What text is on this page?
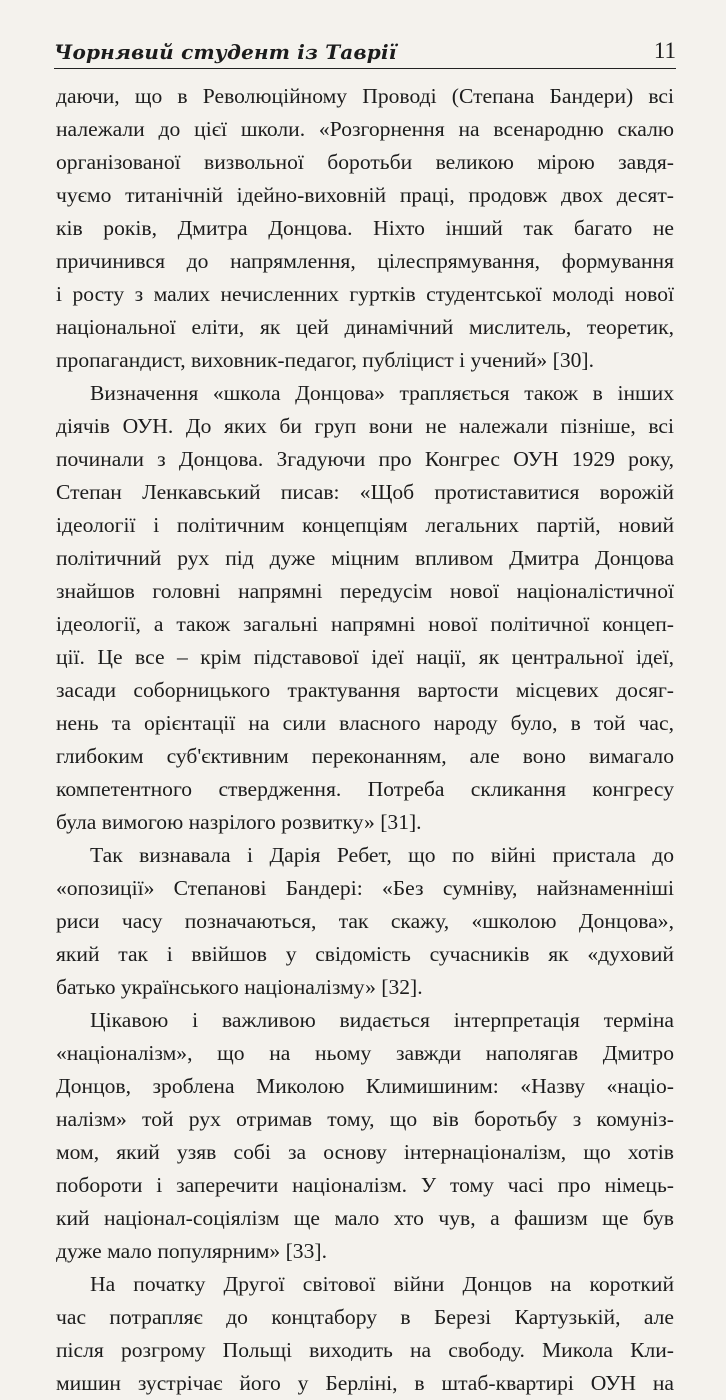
Чорнявий студент із Таврії	11
даючи, що в Революційному Проводі (Степана Бандери) всі
належали до цієї школи. «Розгорнення на всенародню скалю
організованої визвольної боротьби великою мірою завдя-
чуємо титанічній ідейно-виховній праці, продовж двох десят-
ків років, Дмитра Донцова. Ніхто інший так багато не
причинився до напрямлення, цілеспрямування, формування
і росту з малих нечисленних гуртків студентської молоді нової
національної еліти, як цей динамічний мислитель, теоретик,
пропагандист, виховник-педагог, публіцист і учений» [30].
Визначення «школа Донцова» трапляється також в інших
діячів ОУН. До яких би груп вони не належали пізніше, всі
починали з Донцова. Згадуючи про Конгрес ОУН 1929 року,
Степан Ленкавський писав: «Щоб протиставитися ворожій
ідеології і політичним концепціям легальних партій, новий
політичний рух під дуже міцним впливом Дмитра Донцова
знайшов головні напрямні передусім нової націоналістичної
ідеології, а також загальні напрямні нової політичної концеп-
ції. Це все – крім підставової ідеї нації, як центральної ідеї,
засади соборницького трактування вартости місцевих досяг-
нень та орієнтації на сили власного народу було, в той час,
глибоким суб'єктивним переконанням, але воно вимагало
компетентного ствердження. Потреба скликання конгресу
була вимогою назрілого розвитку» [31].
Так визнавала і Дарія Ребет, що по війні пристала до
«опозиції» Степанові Бандері: «Без сумніву, найзнаменніші
риси часу позначаються, так скажу, «школою Донцова»,
який так і ввійшов у свідомість сучасників як «духовий
батько українського націоналізму» [32].
Цікавою і важливою видається інтерпретація терміна
«націоналізм», що на ньому завжди наполягав Дмитро
Донцов, зроблена Миколою Климишиним: «Назву «націо-
налізм» той рух отримав тому, що вів боротьбу з комуніз-
мом, який узяв собі за основу інтернаціоналізм, що хотів
побороти і заперечити націоналізм. У тому часі про німець-
кий націонал-соціялізм ще мало хто чув, а фашизм ще був
дуже мало популярним» [33].
На початку Другої світової війни Донцов на короткий
час потрапляє до концтабору в Березі Картузькій, але
після розгрому Польщі виходить на свободу. Микола Кли-
мишин зустрічає його у Берліні, в штаб-квартирі ОУН на
